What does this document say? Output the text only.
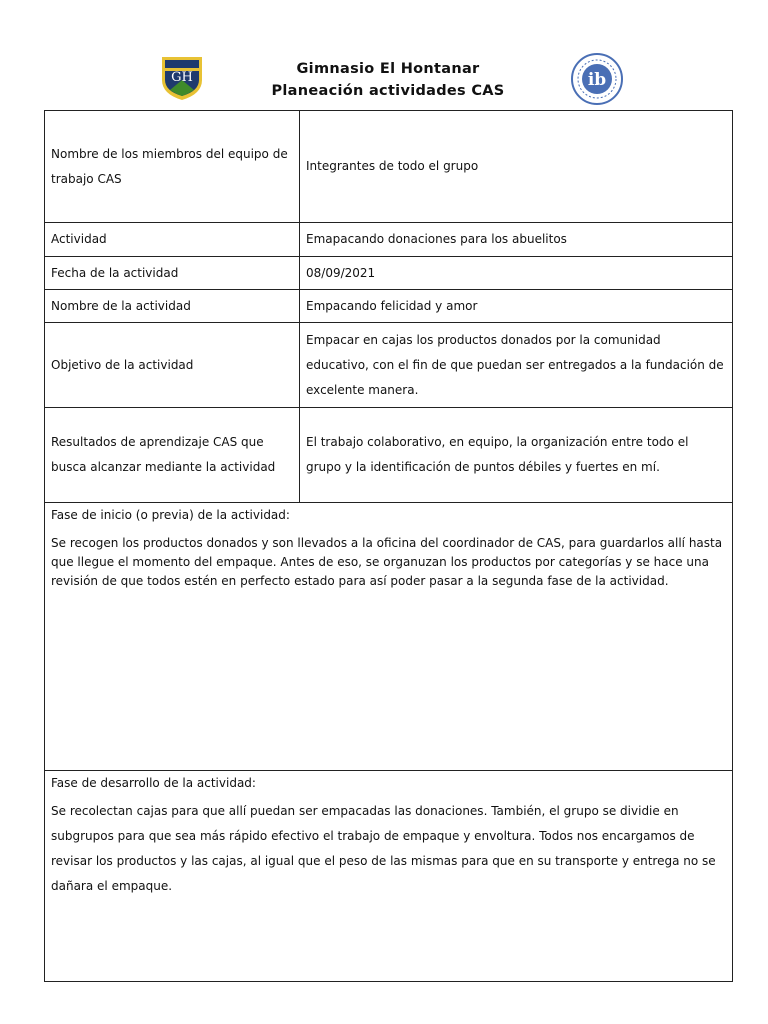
GH
Gimnasio El Hontanar
Planeación actividades CAS
ib
Nombre de los miembros del equipo de trabajo CAS	Integrantes de todo el grupo
Actividad	Emapacando donaciones para los abuelitos
Fecha de la actividad	08/09/2021
Nombre de la actividad	Empacando felicidad y amor
Objetivo de la actividad	Empacar en cajas los productos donados por la comunidad educativo, con el fin de que puedan ser entregados a la fundación de excelente manera.
Resultados de aprendizaje CAS que busca alcanzar mediante la actividad	El trabajo colaborativo, en equipo, la organización entre todo el grupo y la identificación de puntos débiles y fuertes en mí.

Fase de inicio (o previa) de la actividad:
Se recogen los productos donados y son llevados a la oficina del coordinador de CAS, para guardarlos allí hasta que llegue el momento del empaque. Antes de eso, se organuzan los productos por categorías y se hace una revisión de que todos estén en perfecto estado para así poder pasar a la segunda fase de la actividad.	

Fase de desarrollo de la actividad:
Se recolectan cajas para que allí puedan ser empacadas las donaciones. También, el grupo se dividie en subgrupos para que sea más rápido efectivo el trabajo de empaque y envoltura. Todos nos encargamos de revisar los productos y las cajas, al igual que el peso de las mismas para que en su transporte y entrega no se dañara el empaque.	
